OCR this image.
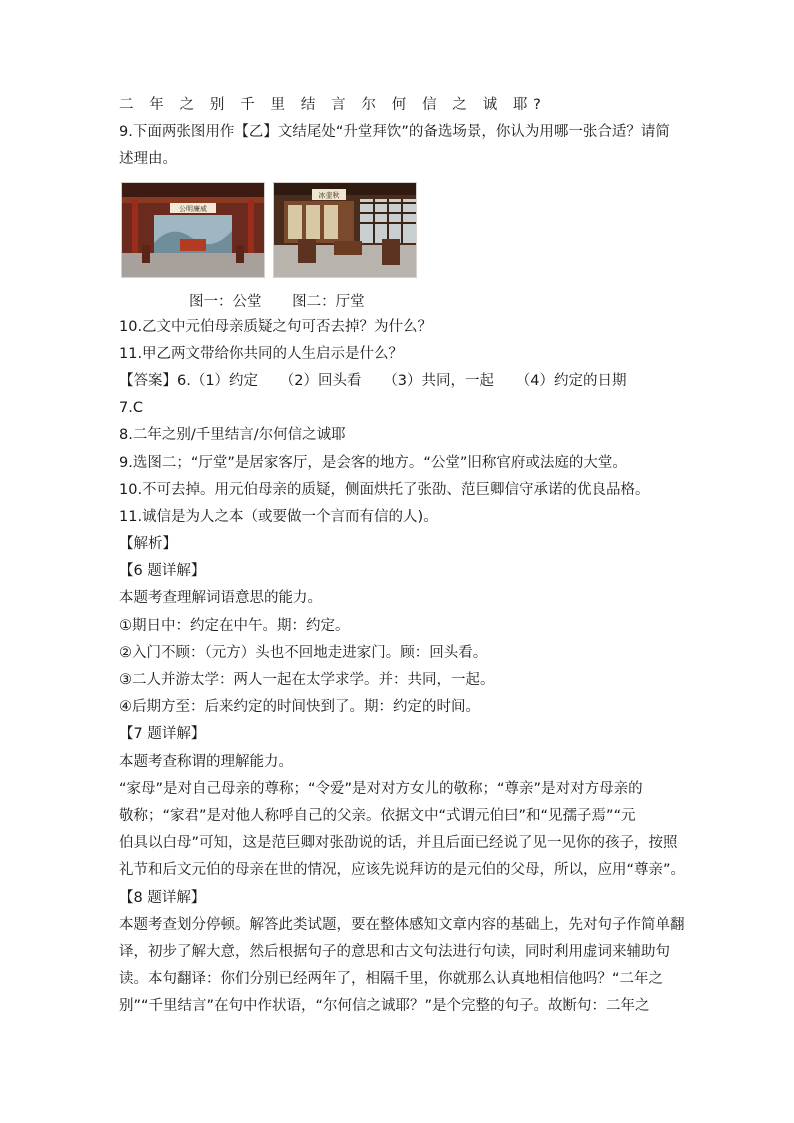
二 年 之 别 千 里 结 言 尔 何 信 之 诚 耶?
9.下面两张图用作【乙】文结尾处“升堂拜饮”的备选场景，你认为用哪一张合适？请简
述理由。
公明廉威
冰壶秋
图一：公堂 图二：厅堂
10.乙文中元伯母亲质疑之句可否去掉？为什么？
11.甲乙两文带给你共同的人生启示是什么？
【答案】6.（1）约定　　（2）回头看　　（3）共同，一起　　（4）约定的日期
7.C
8.二年之别/千里结言/尔何信之诚耶
9.选图二；“厅堂”是居家客厅，是会客的地方。“公堂”旧称官府或法庭的大堂。
10.不可去掉。用元伯母亲的质疑，侧面烘托了张劭、范巨卿信守承诺的优良品格。
11.诚信是为人之本（或要做一个言而有信的人)。
【解析】
【6 题详解】
本题考查理解词语意思的能力。
①期日中：约定在中午。期：约定。
②入门不顾：（元方）头也不回地走进家门。顾：回头看。
③二人并游太学：两人一起在太学求学。并：共同，一起。
④后期方至：后来约定的时间快到了。期：约定的时间。
【7 题详解】
本题考查称谓的理解能力。
“家母”是对自己母亲的尊称；“令爱”是对对方女儿的敬称；“尊亲”是对对方母亲的
敬称；“家君”是对他人称呼自己的父亲。依据文中“式谓元伯曰”和“见孺子焉”“元
伯具以白母”可知，这是范巨卿对张劭说的话，并且后面已经说了见一见你的孩子，按照
礼节和后文元伯的母亲在世的情况，应该先说拜访的是元伯的父母，所以，应用“尊亲”。
【8 题详解】
本题考查划分停顿。解答此类试题，要在整体感知文章内容的基础上，先对句子作简单翻
译，初步了解大意，然后根据句子的意思和古文句法进行句读，同时利用虚词来辅助句
读。本句翻译：你们分别已经两年了，相隔千里，你就那么认真地相信他吗？“二年之
别”“千里结言”在句中作状语，“尔何信之诚耶？”是个完整的句子。故断句：二年之
